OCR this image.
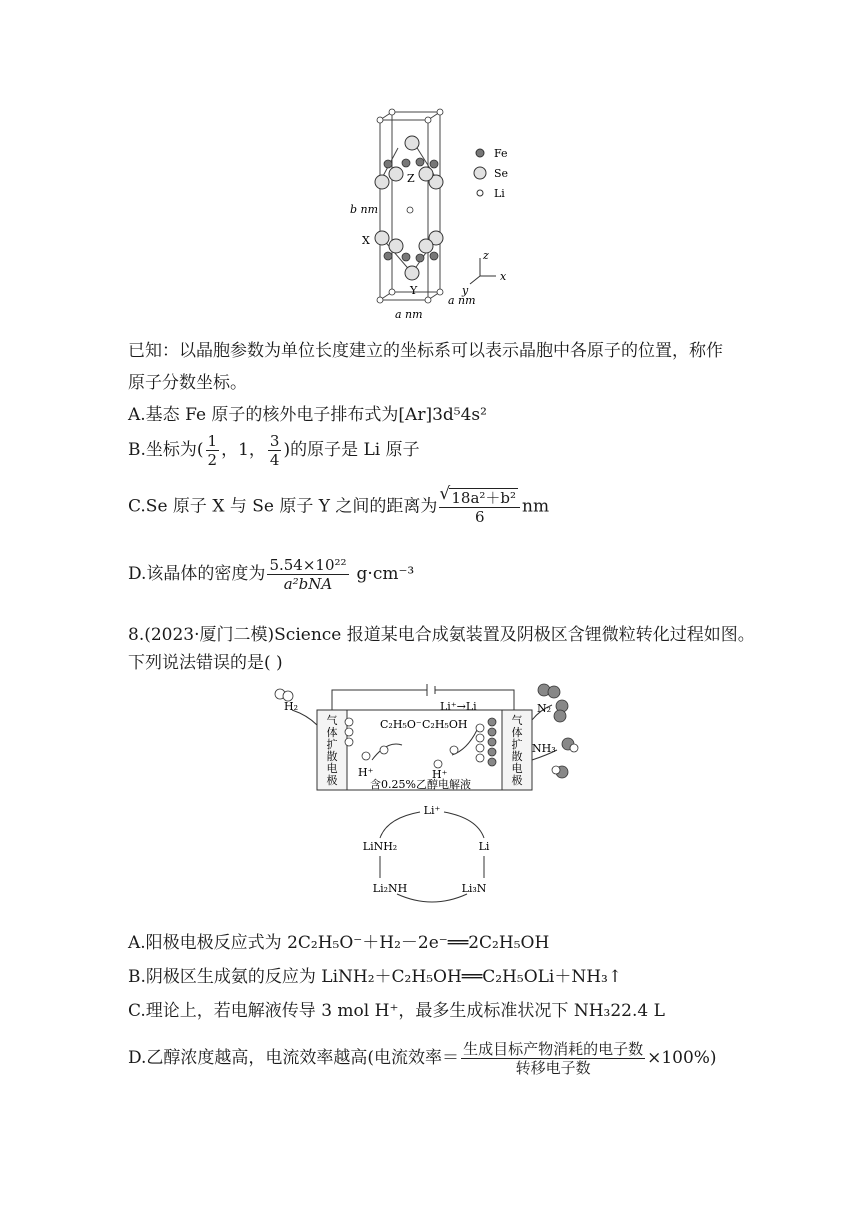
Fe
Se
Li
Z
X
Y
b nm
a nm
a nm
z
x
y
已知：以晶胞参数为单位长度建立的坐标系可以表示晶胞中各原子的位置，称作
原子分数坐标。
A.基态 Fe 原子的核外电子排布式为[Ar]3d⁵4s²
B.坐标为( $\frac{1}{2}$ ，1， $\frac{3}{4}$ )的原子是 Li 原子
C.Se 原子 X 与 Se 原子 Y 之间的距离为
√ $\frac{\text{18a²＋b²}}{6}$ nm
D.该晶体的密度为 $\frac{\text{5.54×10²²}}{\text{a²bNA}} g\cdot cm^{-3}$
8.(2023·厦门二模)Science 报道某电合成氨装置及阴极区含锂微粒转化过程如图。
下列说法错误的是( )
H₂	N₂
NH₃
C₂H₅O⁻ C₂H₅OH
Li⁺→Li
H⁺	H⁺
含0.25%乙醇电解液
气
体
扩
散
电
极
气
体
扩
散
电
极
Li⁺
Li
Li₃N
Li₂NH
LiNH₂
A.阳极电极反应式为 2C₂H₅O⁻＋H₂－2e⁻══2C₂H₅OH
B.阴极区生成氨的反应为 LiNH₂＋C₂H₅OH══C₂H₅OLi＋NH₃↑
C.理论上，若电解液传导 3 mol H⁺，最多生成标准状况下 NH₃22.4 L
D.乙醇浓度越高，电流效率越高(电流效率＝ $\frac{\text{生成目标产物消耗的电子数}}{\text{转移电子数}} \times 100\%$)
